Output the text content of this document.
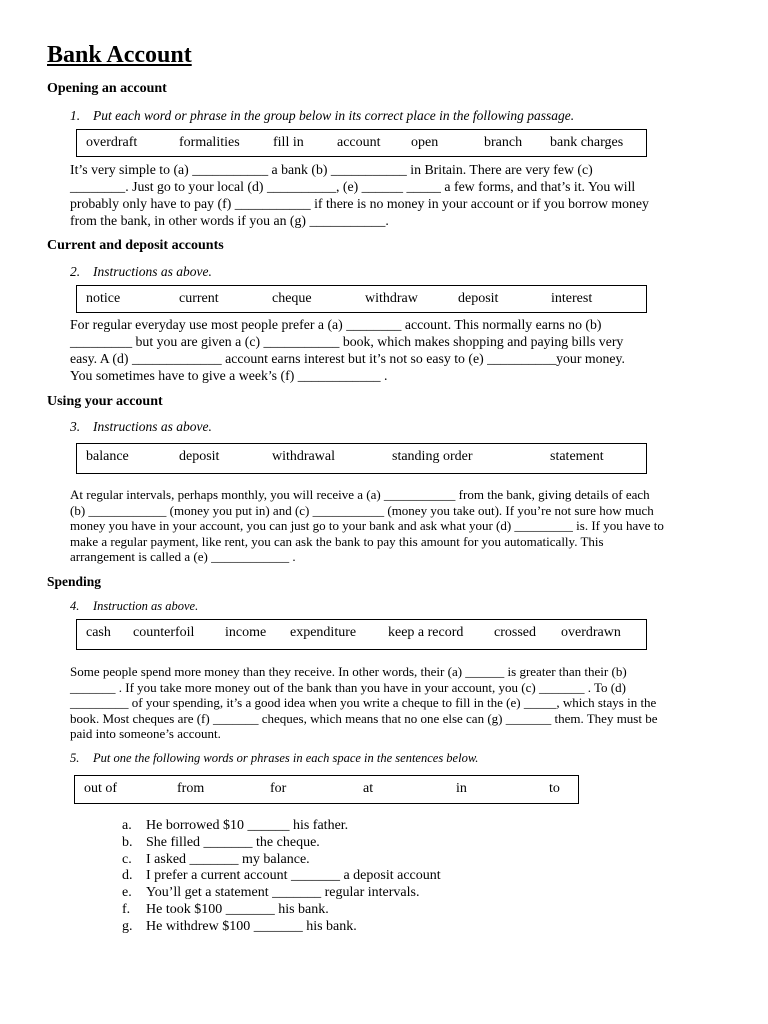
Bank Account
Opening an account
1. Put each word or phrase in the group below in its correct place in the following passage.
overdraft	formalities fill in account open	branch bank charges
It’s very simple to (a) ___________ a bank (b) ___________ in Britain. There are very few (c)
________. Just go to your local (d) __________, (e) ______ _____ a few forms, and that’s it. You will
probably only have to pay (f) ___________ if there is no money in your account or if you borrow money
from the bank, in other words if you an (g) ___________.
Current and deposit accounts
2. Instructions as above.
notice	current	cheque	withdraw	deposit	interest
For regular everyday use most people prefer a (a) ________ account. This normally earns no (b)
_________ but you are given a (c) ___________ book, which makes shopping and paying bills very
easy. A (d) _____________ account earns interest but it’s not so easy to (e) __________your money.
You sometimes have to give a week’s (f) ____________ .
Using your account
3. Instructions as above.
balance	deposit	withdrawal	standing order	statement
At regular intervals, perhaps monthly, you will receive a (a) ___________ from the bank, giving details of each
(b) ____________ (money you put in) and (c) ___________ (money you take out). If you’re not sure how much
money you have in your account, you can just go to your bank and ask what your (d) _________ is. If you have to
make a regular payment, like rent, you can ask the bank to pay this amount for you automatically. This
arrangement is called a (e) ____________ .
Spending
4. Instruction as above.
cash counterfoil income expenditure keep a record crossed overdrawn
Some people spend more money than they receive. In other words, their (a) ______ is greater than their (b)
_______ . If you take more money out of the bank than you have in your account, you (c) _______ . To (d)
_________ of your spending, it’s a good idea when you write a cheque to fill in the (e) _____, which stays in the
book. Most cheques are (f) _______ cheques, which means that no one else can (g) _______ them. They must be
paid into someone’s account.
5. Put one the following words or phrases in each space in the sentences below.
out of	from	for	at	in	to
a. He borrowed $10 ______ his father.
b. She filled _______ the cheque.
c. I asked _______ my balance.
d. I prefer a current account _______ a deposit account
e. You’ll get a statement _______ regular intervals.
f. He took $100 _______ his bank.
g. He withdrew $100 _______ his bank.
